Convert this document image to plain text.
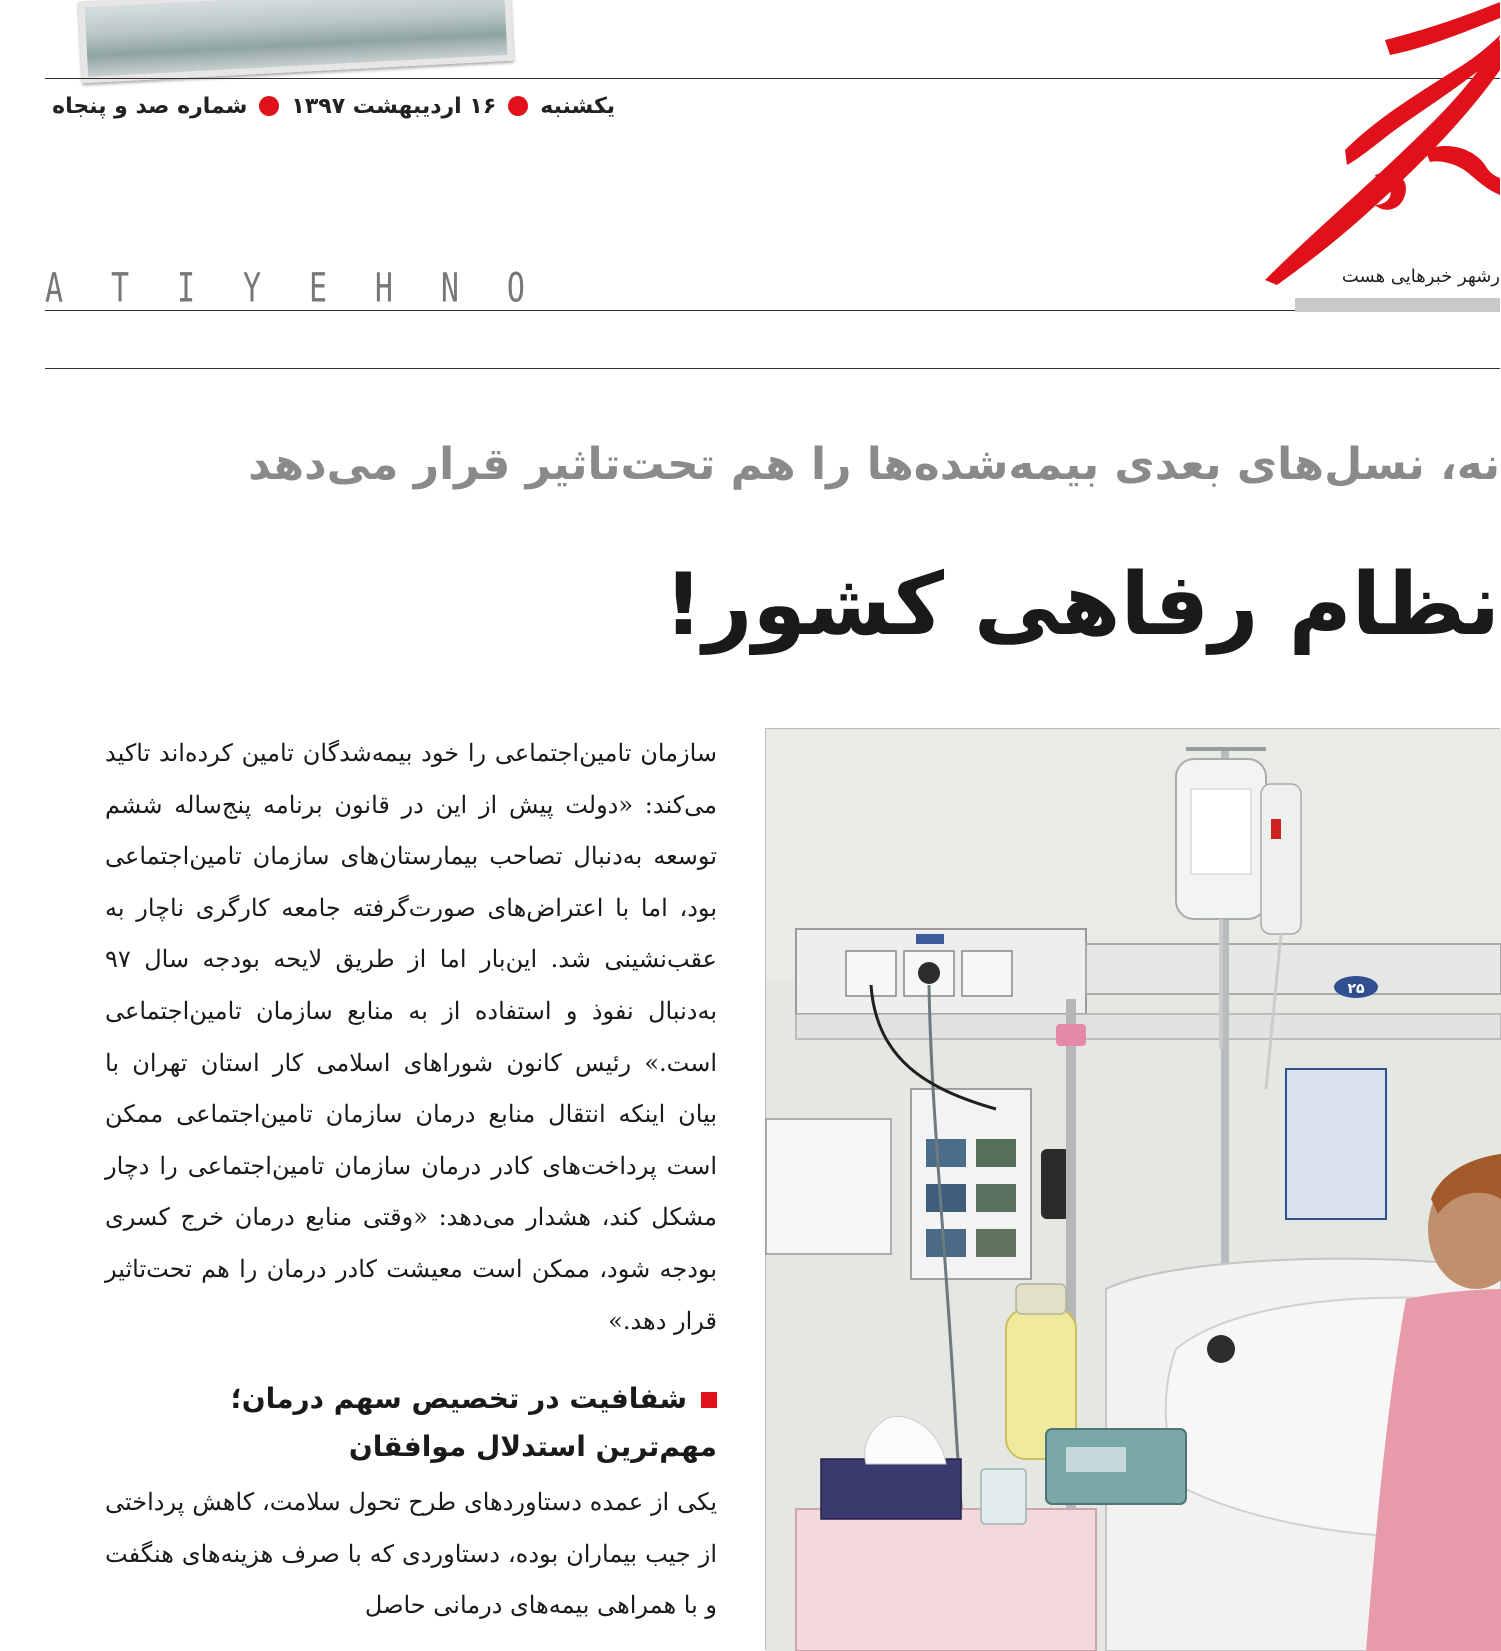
یکشنبه
۱۶ اردیبهشت ۱۳۹۷
شماره صد و پنجاه
رشهر خبرهایی هست
A T I Y E H N O
نه، نسل‌های بعدی بیمه‌شده‌ها را هم تحت‌تاثیر قرار می‌دهد
نظام رفاهی کشور!

سازمان تامین‌اجتماعی را خود بیمه‌شدگان تامین کرده‌اند تاکید می‌کند: «دولت پیش از این در قانون برنامه پنج‌ساله ششم توسعه به‌دنبال تصاحب بیمارستان‌های سازمان تامین‌اجتماعی بود، اما با اعتراض‌های صورت‌گرفته جامعه کارگری ناچار به عقب‌نشینی شد. این‌بار اما از طریق لایحه بودجه سال ۹۷ به‌دنبال نفوذ و استفاده از به منابع سازمان تامین‌اجتماعی است.» رئیس کانون شوراهای اسلامی کار استان تهران با بیان اینکه انتقال منابع درمان سازمان تامین‌اجتماعی ممکن است پرداخت‌های کادر درمان سازمان تامین‌اجتماعی را دچار مشکل کند، هشدار می‌دهد: «وقتی منابع درمان خرج کسری بودجه شود، ممکن است معیشت کادر درمان را هم تحت‌تاثیر قرار دهد.»

شفافیت در تخصیص سهم درمان؛ مهم‌ترین استدلال موافقان

یکی از عمده دستاوردهای طرح تحول سلامت، کاهش پرداختی از جیب بیماران بوده، دستاوردی که با صرف هزینه‌های هنگفت و با همراهی بیمه‌های درمانی حاصل

۲۵
